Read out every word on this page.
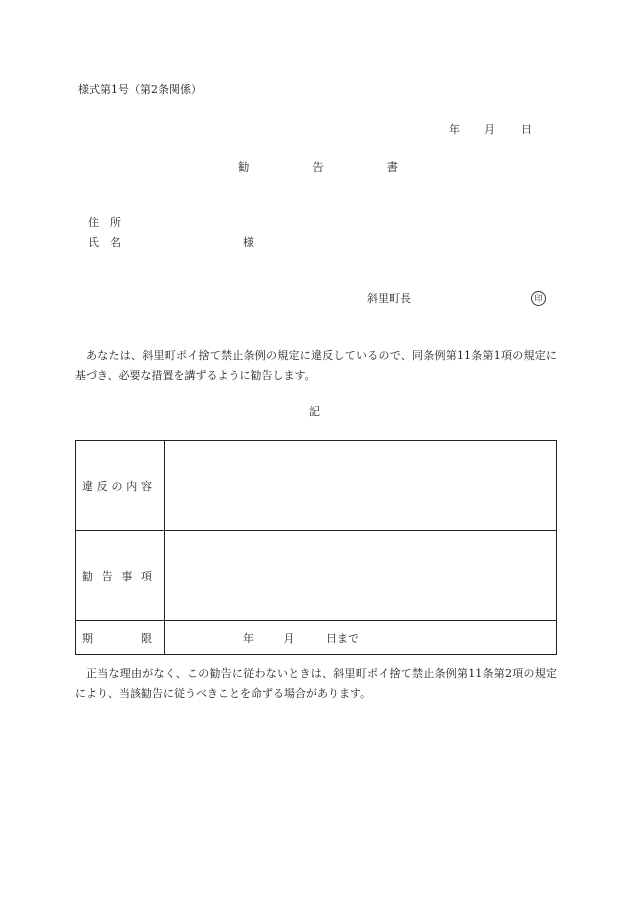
様式第1号（第2条関係）
年 月 日
勧	告	書
住　所
氏　名	様
斜里町長	印
あなたは、斜里町ポイ捨て禁止条例の規定に違反しているので、同条例第11条第1項の規定に基づき、必要な措置を講ずるように勧告します。
記
違 反 の 内 容	

勧 告 事 項	

期 限	年 月 日まで
正当な理由がなく、この勧告に従わないときは、斜里町ポイ捨て禁止条例第11条第2項の規定により、当該勧告に従うべきことを命ずる場合があります。
